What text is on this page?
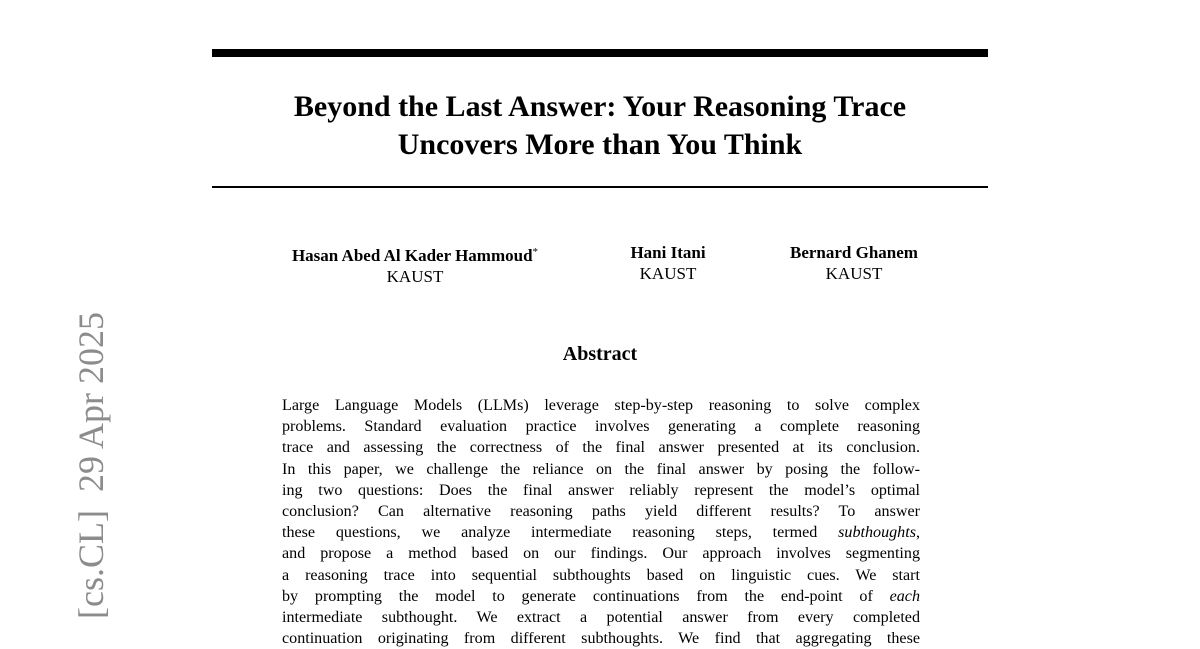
Beyond the Last Answer: Your Reasoning Trace
Uncovers More than You Think
Hasan Abed Al Kader Hammoud*
KAUST
Hani Itani
KAUST
Bernard Ghanem
KAUST
Abstract
Large Language Models (LLMs) leverage step-by-step reasoning to solve complex
problems. Standard evaluation practice involves generating a complete reasoning
trace and assessing the correctness of the final answer presented at its conclusion.
In this paper, we challenge the reliance on the final answer by posing the follow-
ing two questions: Does the final answer reliably represent the model’s optimal
conclusion? Can alternative reasoning paths yield different results? To answer
these questions, we analyze intermediate reasoning steps, termed subthoughts,
and propose a method based on our findings. Our approach involves segmenting
a reasoning trace into sequential subthoughts based on linguistic cues. We start
by prompting the model to generate continuations from the end-point of each
intermediate subthought. We extract a potential answer from every completed
continuation originating from different subthoughts. We find that aggregating these
[cs.CL]  29 Apr 2025
